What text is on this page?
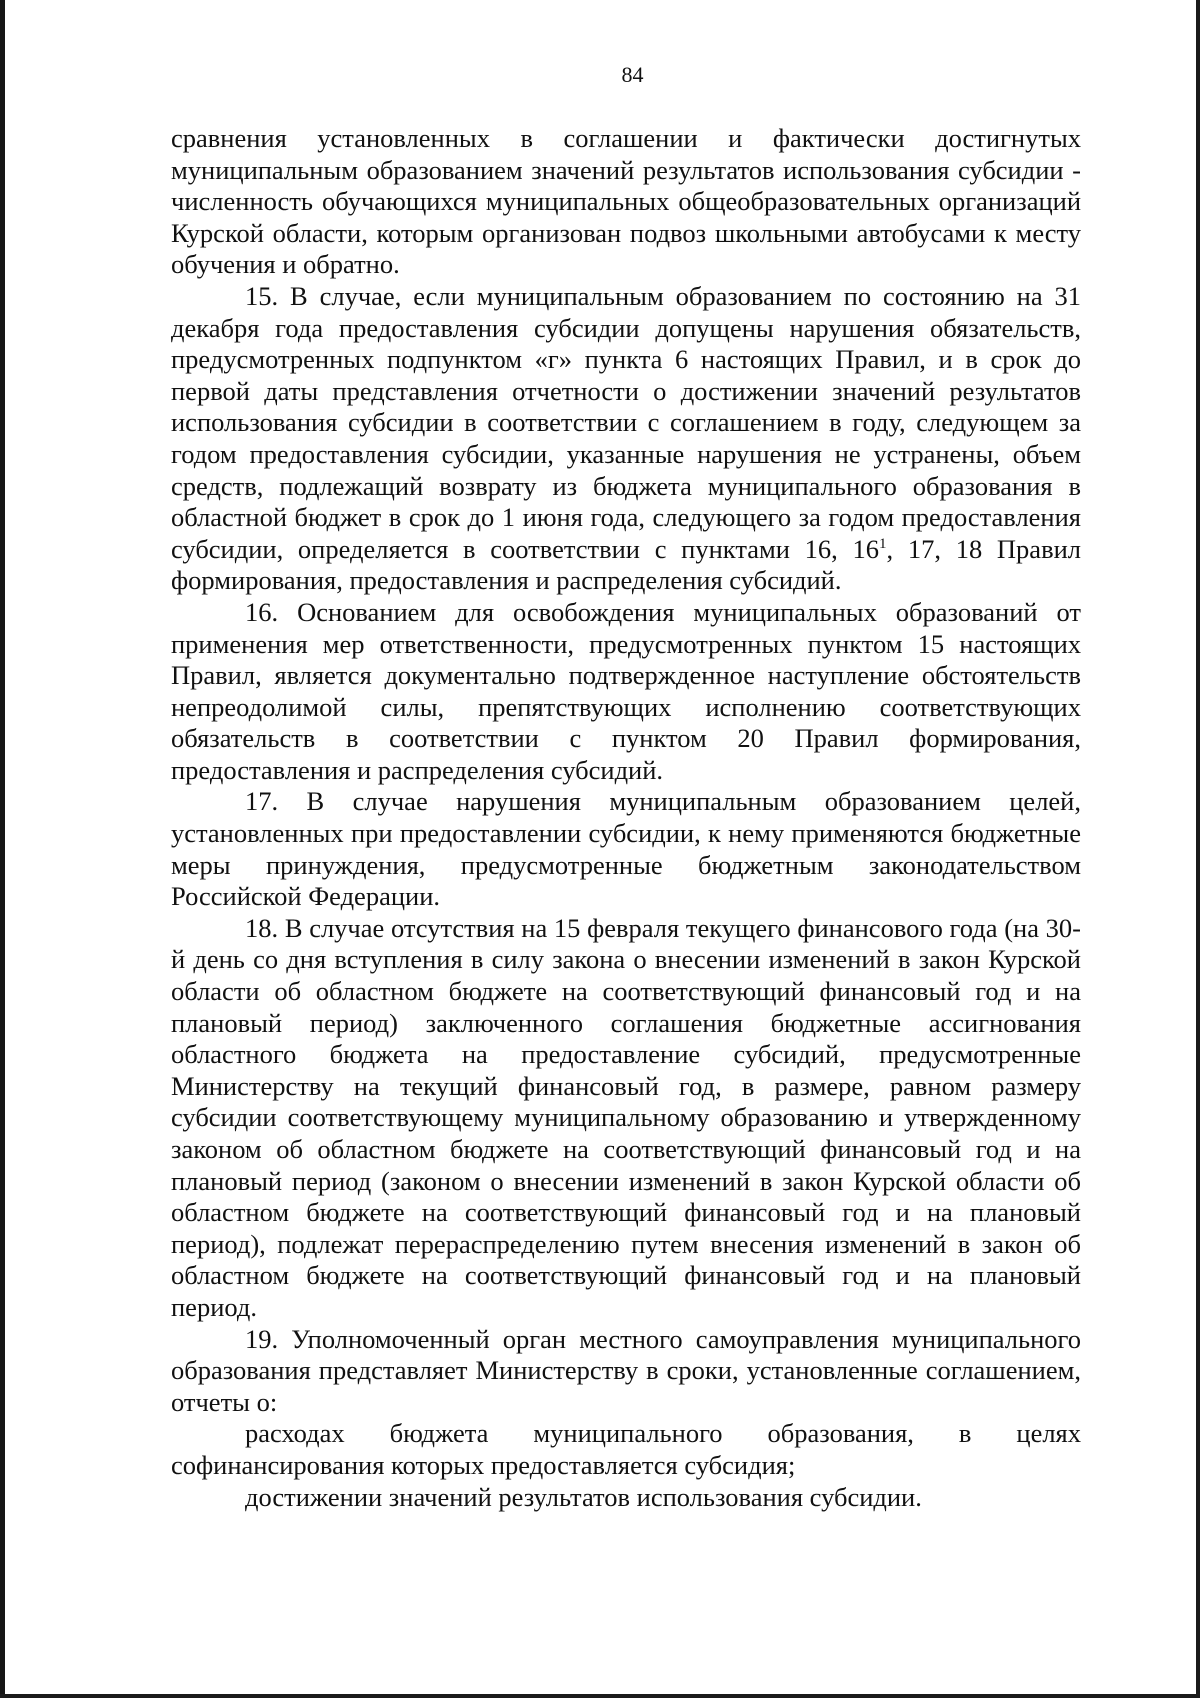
84

сравнения установленных в соглашении и фактически достигнутых муниципальным образованием значений результатов использования субсидии - численность обучающихся муниципальных общеобразовательных организаций Курской области, которым организован подвоз школьными автобусами к месту обучения и обратно.

15. В случае, если муниципальным образованием по состоянию на 31 декабря года предоставления субсидии допущены нарушения обязательств, предусмотренных подпунктом «г» пункта 6 настоящих Правил, и в срок до первой даты представления отчетности о достижении значений результатов использования субсидии в соответствии с соглашением в году, следующем за годом предоставления субсидии, указанные нарушения не устранены, объем средств, подлежащий возврату из бюджета муниципального образования в областной бюджет в срок до 1 июня года, следующего за годом предоставления субсидии, определяется в соответствии с пунктами 16, $16^1$, 17, 18 Правил формирования, предоставления и распределения субсидий.

16. Основанием для освобождения муниципальных образований от применения мер ответственности, предусмотренных пунктом 15 настоящих Правил, является документально подтвержденное наступление обстоятельств непреодолимой силы, препятствующих исполнению соответствующих обязательств в соответствии с пунктом 20 Правил формирования, предоставления и распределения субсидий.

17. В случае нарушения муниципальным образованием целей, установленных при предоставлении субсидии, к нему применяются бюджетные меры принуждения, предусмотренные бюджетным законодательством Российской Федерации.

18. В случае отсутствия на 15 февраля текущего финансового года (на 30-й день со дня вступления в силу закона о внесении изменений в закон Курской области об областном бюджете на соответствующий финансовый год и на плановый период) заключенного соглашения бюджетные ассигнования областного бюджета на предоставление субсидий, предусмотренные Министерству на текущий финансовый год, в размере, равном размеру субсидии соответствующему муниципальному образованию и утвержденному законом об областном бюджете на соответствующий финансовый год и на плановый период (законом о внесении изменений в закон Курской области об областном бюджете на соответствующий финансовый год и на плановый период), подлежат перераспределению путем внесения изменений в закон об областном бюджете на соответствующий финансовый год и на плановый период.

19. Уполномоченный орган местного самоуправления муниципального образования представляет Министерству в сроки, установленные соглашением, отчеты о:

расходах бюджета муниципального образования, в целях софинансирования которых предоставляется субсидия;

достижении значений результатов использования субсидии.
